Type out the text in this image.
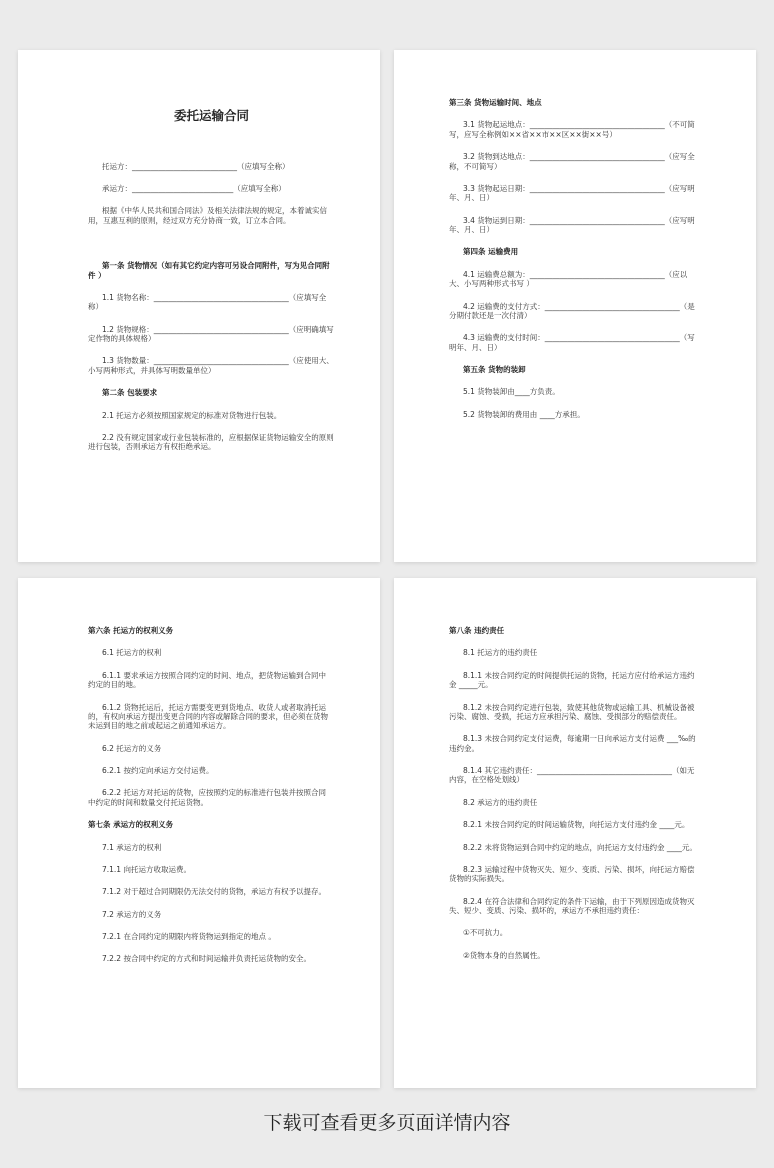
委托运输合同

托运方：____________________________（应填写全称）

承运方：___________________________（应填写全称）

根据《中华人民共和国合同法》及相关法律法规的规定，本着诚实信用，互惠互利的原则，经过双方充分协商一致，订立本合同。

第一条 货物情况（如有其它约定内容可另设合同附件，写为见合同附件 ）

1.1 货物名称：____________________________________（应填写全称）

1.2 货物规格：____________________________________（应明确填写定作物的具体规格）

1.3 货物数量：____________________________________（应使用大、小写两种形式，并具体写明数量单位）

第二条 包装要求

2.1 托运方必须按照国家规定的标准对货物进行包装。

2.2 没有规定国家或行业包装标准的，应根据保证货物运输安全的原则进行包装，否则承运方有权拒绝承运。

第三条 货物运输时间、地点

3.1 货物起运地点：____________________________________（不可简写，应写全称例如××省××市××区××街××号）

3.2 货物到达地点：____________________________________（应写全称，不可简写）

3.3 货物起运日期：____________________________________（应写明年、月、日）

3.4 货物运到日期：____________________________________（应写明年、月、日）

第四条 运输费用

4.1 运输费总额为：____________________________________（应以大、小写两种形式书写 ）

4.2 运输费的支付方式：____________________________________（是分期付款还是一次付清）

4.3 运输费的支付时间：____________________________________（写明年、月、日）

第五条 货物的装卸

5.1 货物装卸由____方负责。

5.2 货物装卸的费用由 ____方承担。

第六条 托运方的权利义务

6.1 托运方的权利

6.1.1 要求承运方按照合同约定的时间、地点，把货物运输到合同中约定的目的地。

6.1.2 货物托运后，托运方需要变更到货地点、收货人或者取消托运的，有权向承运方提出变更合同的内容或解除合同的要求，但必须在货物未运到目的地之前或起运之前通知承运方。

6.2 托运方的义务

6.2.1 按约定向承运方交付运费。

6.2.2 托运方对托运的货物，应按照约定的标准进行包装并按照合同中约定的时间和数量交付托运货物。

第七条 承运方的权利义务

7.1 承运方的权利

7.1.1 向托运方收取运费。

7.1.2 对于超过合同期限仍无法交付的货物，承运方有权予以提存。

7.2 承运方的义务

7.2.1 在合同约定的期限内将货物运到指定的地点 。

7.2.2 按合同中约定的方式和时间运输并负责托运货物的安全。

第八条 违约责任

8.1 托运方的违约责任

8.1.1 未按合同约定的时间提供托运的货物，托运方应付给承运方违约金 _____元。

8.1.2 未按合同约定进行包装，致使其他货物或运输工具、机械设备被污染、腐蚀、受损，托运方应承担污染、腐蚀、受损部分的赔偿责任。

8.1.3 未按合同约定支付运费，每逾期一日向承运方支付运费 ___‰的违约金。

8.1.4 其它违约责任：____________________________________（如无内容，在空格处划线）

8.2 承运方的违约责任

8.2.1 未按合同约定的时间运输货物，向托运方支付违约金 ____元。

8.2.2 未将货物运到合同中约定的地点，向托运方支付违约金 ____元。

8.2.3 运输过程中货物灭失、短少、变质、污染、损坏，向托运方赔偿货物的实际损失。

8.2.4 在符合法律和合同约定的条件下运输，由于下列原因造成货物灭失、短少、变质、污染、损坏的，承运方不承担违约责任：

①不可抗力。

②货物本身的自然属性。

下载可查看更多页面详情内容
